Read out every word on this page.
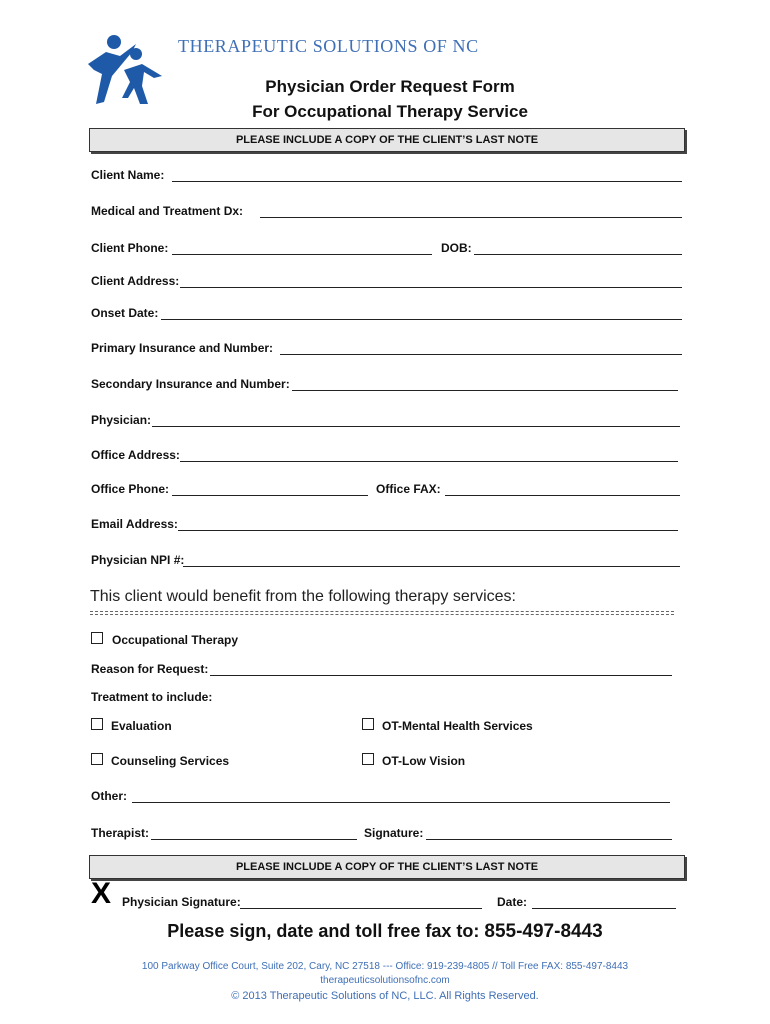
THERAPEUTIC SOLUTIONS OF NC
Physician Order Request Form
For Occupational Therapy Service
PLEASE INCLUDE A COPY OF THE CLIENT’S LAST NOTE
Client Name:
Medical and Treatment Dx:
Client Phone:	DOB:
Client Address:
Onset Date:
Primary Insurance and Number:
Secondary Insurance and Number:
Physician:
Office Address:
Office Phone:	Office FAX:
Email Address:
Physician NPI #:
This client would benefit from the following therapy services:
Occupational Therapy
Reason for Request:
Treatment to include:
Evaluation	OT-Mental Health Services
Counseling Services	OT-Low Vision
Other:
Therapist:	Signature:
PLEASE INCLUDE A COPY OF THE CLIENT’S LAST NOTE
X Physician Signature:	Date:
Please sign, date and toll free fax to: 855-497-8443
100 Parkway Office Court, Suite 202, Cary, NC 27518 --- Office: 919-239-4805 // Toll Free FAX: 855-497-8443
therapeuticsolutionsofnc.com
© 2013 Therapeutic Solutions of NC, LLC. All Rights Reserved.
